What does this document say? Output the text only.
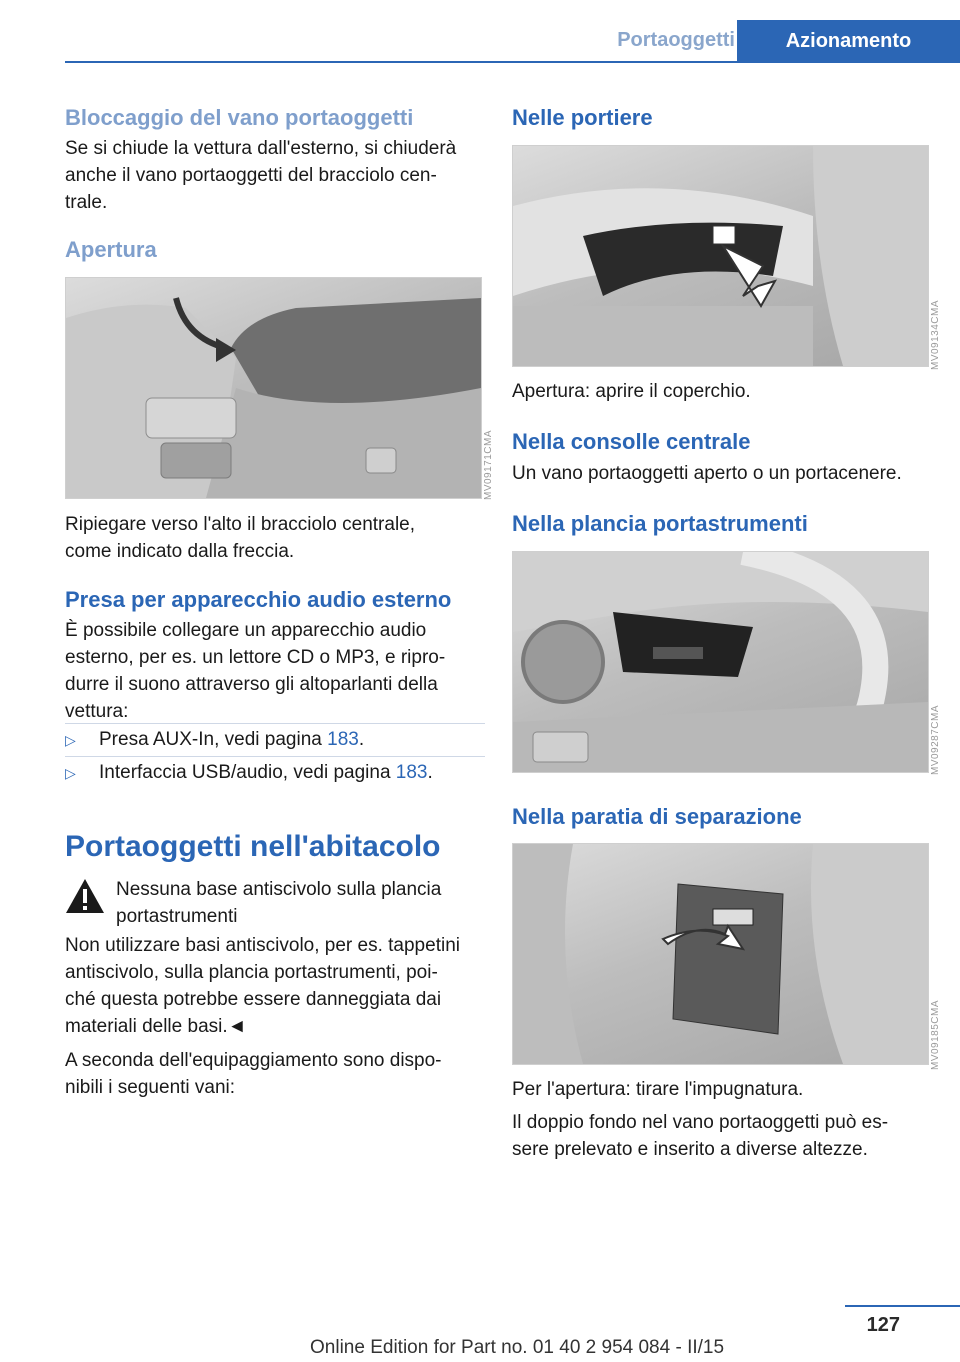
Portaoggetti	Azionamento
Bloccaggio del vano portaoggetti
Se si chiude la vettura dall'esterno, si chiuderà
anche il vano portaoggetti del bracciolo cen-
trale.
Apertura
MV09171CMA
Ripiegare verso l'alto il bracciolo centrale,
come indicato dalla freccia.
Presa per apparecchio audio esterno
È possibile collegare un apparecchio audio
esterno, per es. un lettore CD o MP3, e ripro-
durre il suono attraverso gli altoparlanti della
vettura:
▷ Presa AUX-In, vedi pagina 183.
▷ Interfaccia USB/audio, vedi pagina 183.
Portaoggetti nell'abitacolo
Nessuna base antiscivolo sulla plancia
portastrumenti
Non utilizzare basi antiscivolo, per es. tappetini
antiscivolo, sulla plancia portastrumenti, poi-
ché questa potrebbe essere danneggiata dai
materiali delle basi.◄
A seconda dell'equipaggiamento sono dispo-
nibili i seguenti vani:
Nelle portiere
MV09134CMA
Apertura: aprire il coperchio.
Nella consolle centrale
Un vano portaoggetti aperto o un portacenere.
Nella plancia portastrumenti
MV09287CMA
Nella paratia di separazione
MV09185CMA
Per l'apertura: tirare l'impugnatura.
Il doppio fondo nel vano portaoggetti può es-
sere prelevato e inserito a diverse altezze.
127
Online Edition for Part no. 01 40 2 954 084 - II/15
